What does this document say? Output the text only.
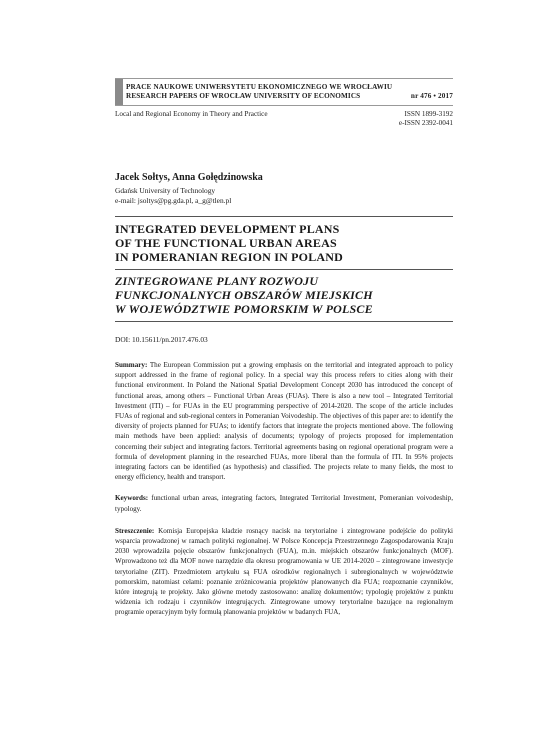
PRACE NAUKOWE UNIWERSYTETU EKONOMICZNEGO WE WROCŁAWIU
RESEARCH PAPERS OF WROCŁAW UNIVERSITY OF ECONOMICS	nr 476 • 2017
Local and Regional Economy in Theory and Practice	ISSN 1899-3192
e-ISSN 2392-0041
Jacek Sołtys, Anna Gołędzinowska
Gdańsk University of Technology
e-mail: jsoltys@pg.gda.pl, a_g@tlen.pl
INTEGRATED DEVELOPMENT PLANS
OF THE FUNCTIONAL URBAN AREAS
IN POMERANIAN REGION IN POLAND
ZINTEGROWANE PLANY ROZWOJU
FUNKCJONALNYCH OBSZARÓW MIEJSKICH
W WOJEWÓDZTWIE POMORSKIM W POLSCE
DOI: 10.15611/pn.2017.476.03

Summary: The European Commission put a growing emphasis on the territorial and integrated approach to policy support addressed in the frame of regional policy. In a special way this process refers to cities along with their functional environment. In Poland the National Spatial Development Concept 2030 has introduced the concept of functional areas, among others – Functional Urban Areas (FUAs). There is also a new tool – Integrated Territorial Investment (ITI) – for FUAs in the EU programming perspective of 2014-2020. The scope of the article includes FUAs of regional and sub-regional centers in Pomeranian Voivodeship. The objectives of this paper are: to identify the diversity of projects planned for FUAs; to identify factors that integrate the projects mentioned above. The following main methods have been applied: analysis of documents; typology of projects proposed for implementation concerning their subject and integrating factors. Territorial agreements basing on regional operational program were a formula of development planning in the researched FUAs, more liberal than the formula of ITI. In 95% projects integrating factors can be identified (as hypothesis) and classified. The projects relate to many fields, the most to energy efficiency, health and transport.

Keywords: functional urban areas, integrating factors, Integrated Territorial Investment, Pomeranian voivodeship, typology.

Streszczenie: Komisja Europejska kładzie rosnący nacisk na terytorialne i zintegrowane podejście do polityki wsparcia prowadzonej w ramach polityki regionalnej. W Polsce Koncepcja Przestrzennego Zagospodarowania Kraju 2030 wprowadziła pojęcie obszarów funkcjonalnych (FUA), m.in. miejskich obszarów funkcjonalnych (MOF). Wprowadzono też dla MOF nowe narzędzie dla okresu programowania w UE 2014-2020 – zintegrowane inwestycje terytorialne (ZIT). Przedmiotem artykułu są FUA ośrodków regionalnych i subregionalnych w województwie pomorskim, natomiast celami: poznanie zróżnicowania projektów planowanych dla FUA; rozpoznanie czynników, które integrują te projekty. Jako główne metody zastosowano: analizę dokumentów; typologię projektów z punktu widzenia ich rodzaju i czynników integrujących. Zintegrowane umowy terytorialne bazujące na regionalnym programie operacyjnym były formułą planowania projektów w badanych FUA,
